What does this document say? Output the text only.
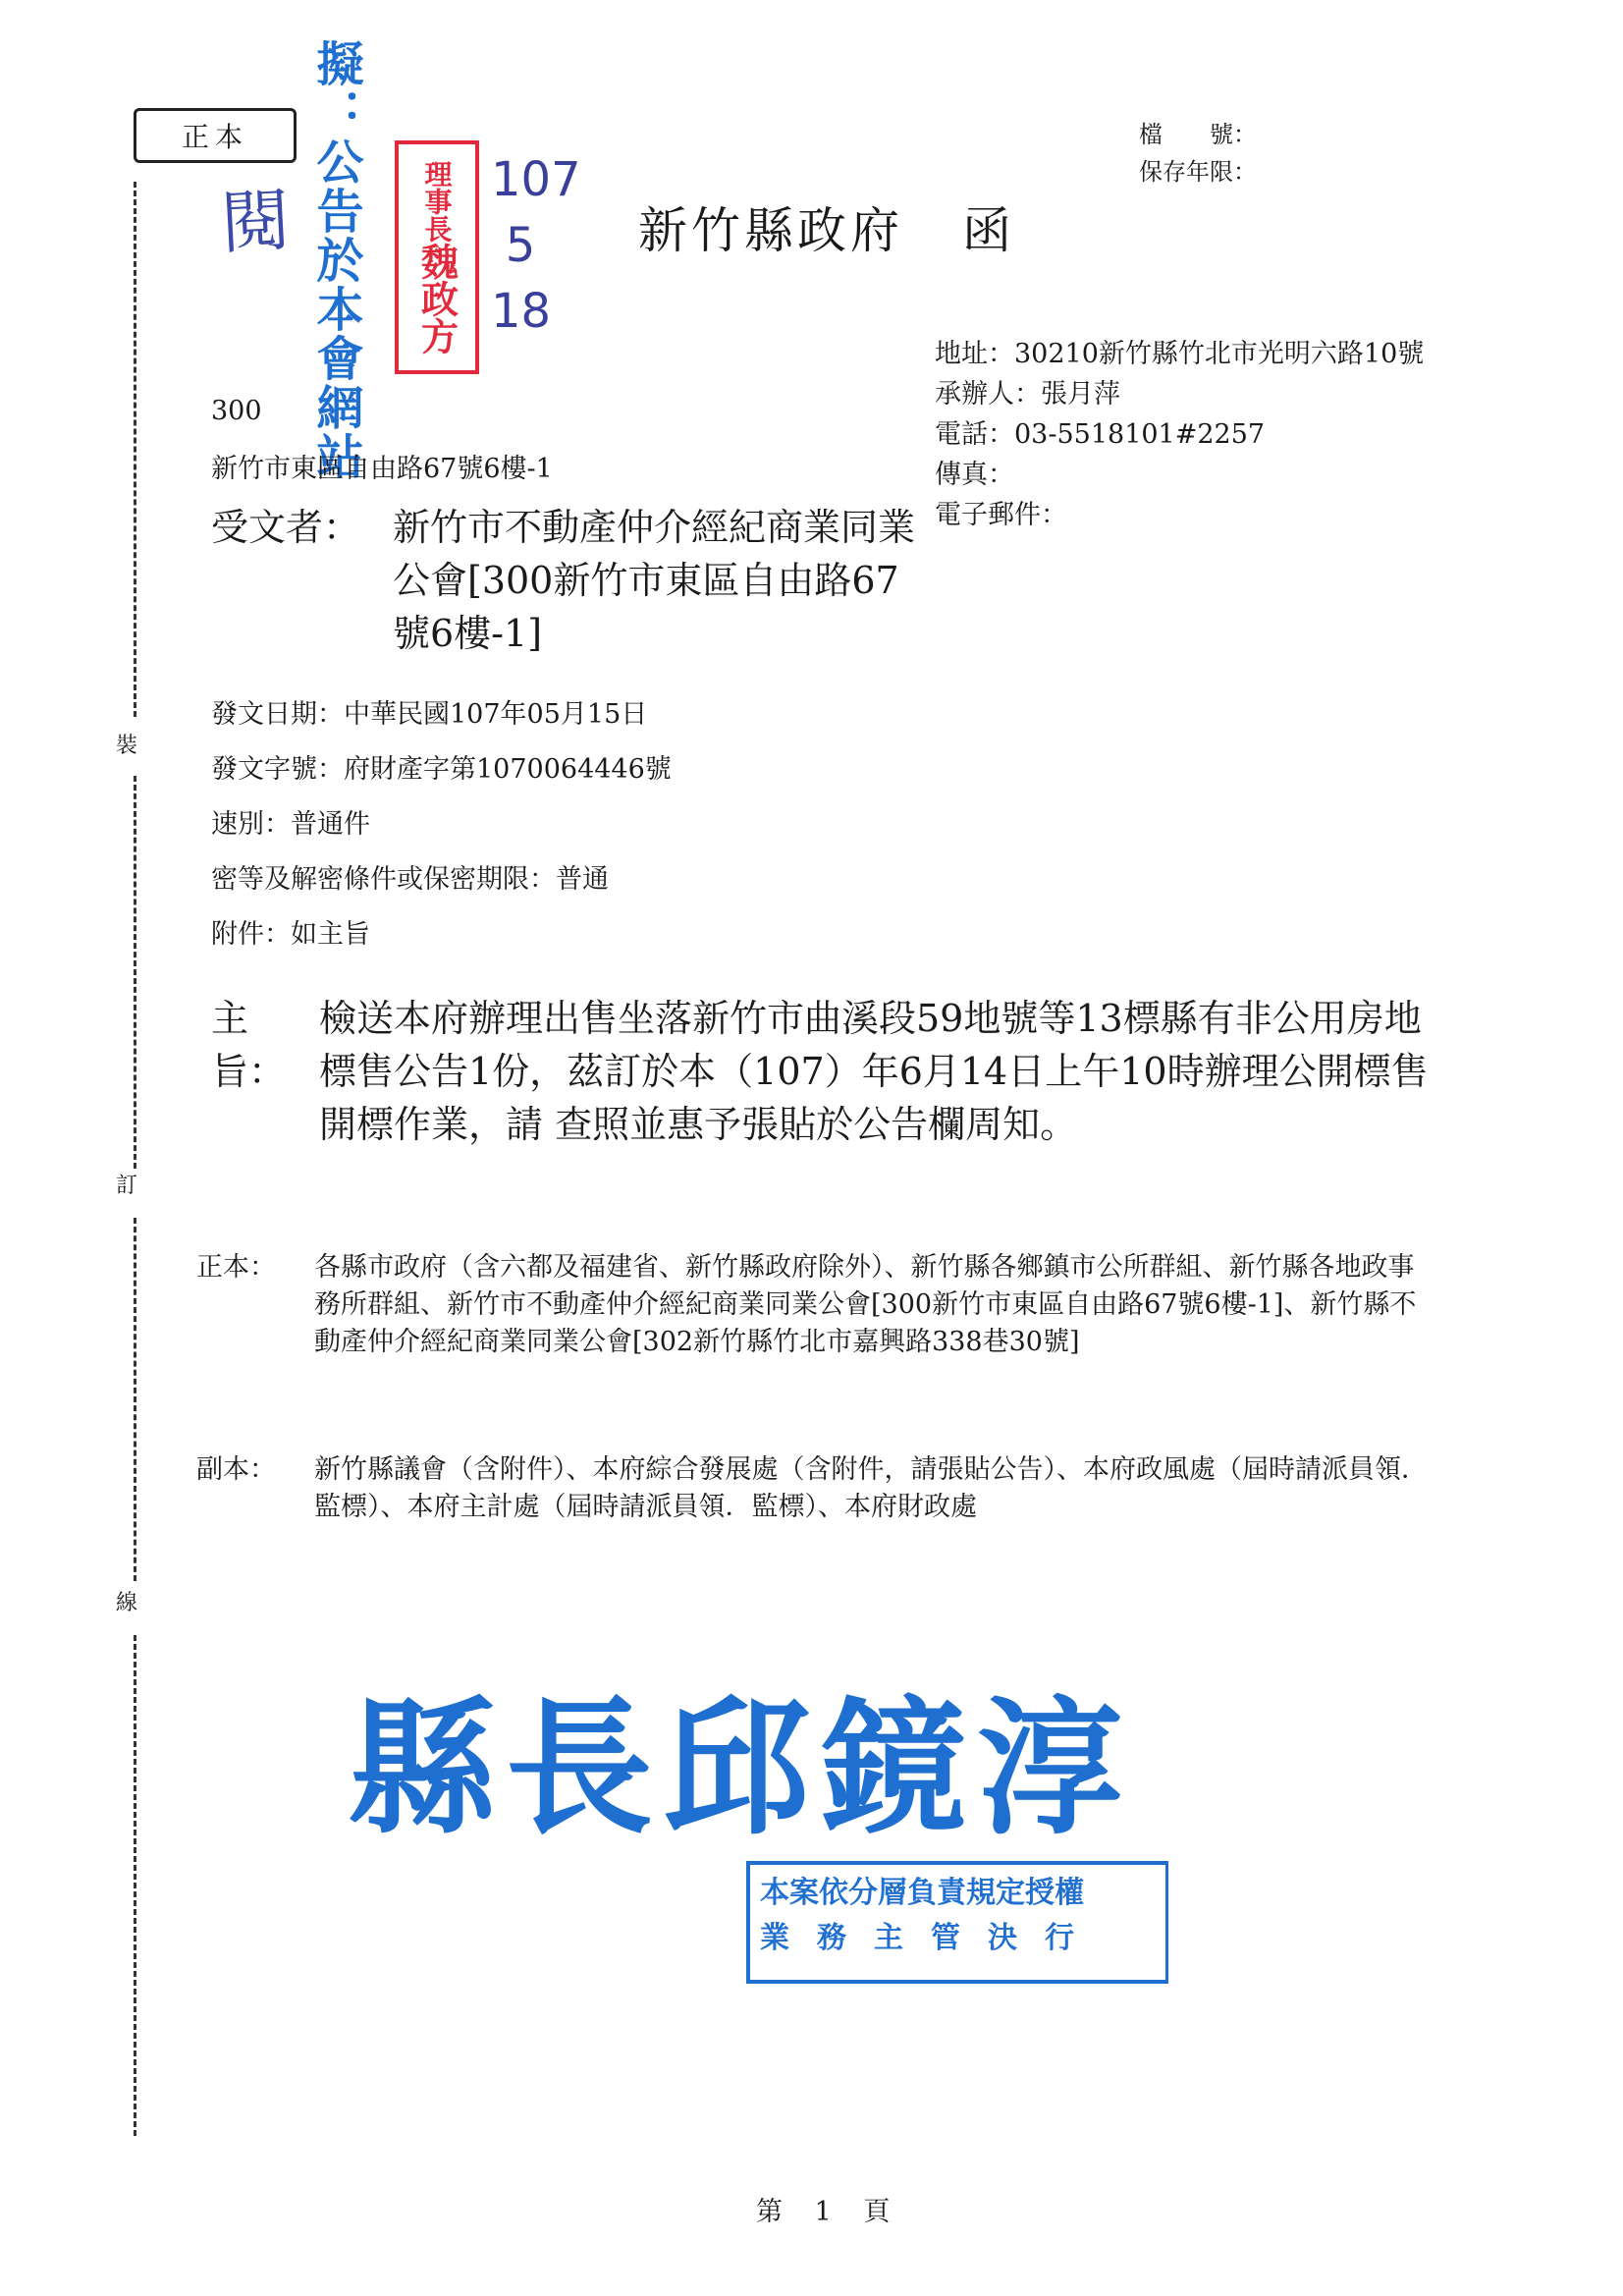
正本
裝
訂
線
擬：公告於本會網站
閱	理事長魏政方
107
5
18
檔　　號：
保存年限：
新竹縣政府 函
地址：30210新竹縣竹北市光明六路10號
承辦人：張月萍
電話：03-5518101#2257
傳真：
電子郵件：
300
新竹市東區自由路67號6樓-1
受文者： 新竹市不動產仲介經紀商業同業公會[300新竹市東區自由路67號6樓-1]
發文日期：中華民國107年05月15日
發文字號：府財產字第1070064446號
速別：普通件
密等及解密條件或保密期限：普通
附件：如主旨
主旨：
檢送本府辦理出售坐落新竹市曲溪段59地號等13標縣有非公用房地標售公告1份，茲訂於本（107）年6月14日上午10時辦理公開標售開標作業，請 查照並惠予張貼於公告欄周知。
正本：	各縣市政府（含六都及福建省、新竹縣政府除外）、新竹縣各鄉鎮市公所群組、新竹縣各地政事務所群組、新竹市不動產仲介經紀商業同業公會[300新竹市東區自由路67號6樓-1]、新竹縣不動產仲介經紀商業同業公會[302新竹縣竹北市嘉興路338巷30號]
副本：	新竹縣議會（含附件）、本府綜合發展處（含附件，請張貼公告）、本府政風處（屆時請派員領．監標）、本府主計處（屆時請派員領．監標）、本府財政處
縣長邱鏡淳
本案依分層負責規定授權
業務主管決行
第 1 頁
